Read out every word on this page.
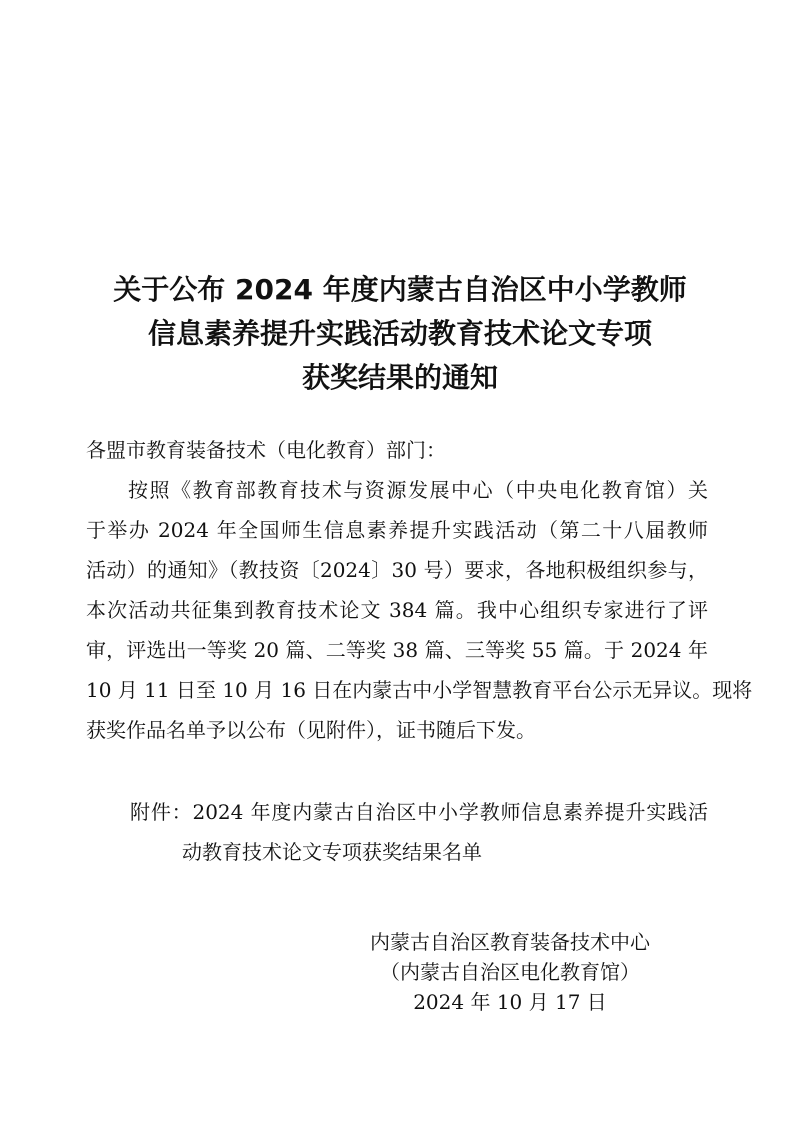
关于公布 2024 年度内蒙古自治区中小学教师
信息素养提升实践活动教育技术论文专项
获奖结果的通知
各盟市教育装备技术（电化教育）部门：
按照《教育部教育技术与资源发展中心（中央电化教育馆）关
于举办 2024 年全国师生信息素养提升实践活动（第二十八届教师
活动）的通知》（教技资〔2024〕30 号）要求，各地积极组织参与，
本次活动共征集到教育技术论文 384 篇。我中心组织专家进行了评
审，评选出一等奖 20 篇、二等奖 38 篇、三等奖 55 篇。于 2024 年
10 月 11 日至 10 月 16 日在内蒙古中小学智慧教育平台公示无异议。现将
获奖作品名单予以公布（见附件），证书随后下发。
附件：2024 年度内蒙古自治区中小学教师信息素养提升实践活
动教育技术论文专项获奖结果名单
内蒙古自治区教育装备技术中心
（内蒙古自治区电化教育馆）
2024 年 10 月 17 日
